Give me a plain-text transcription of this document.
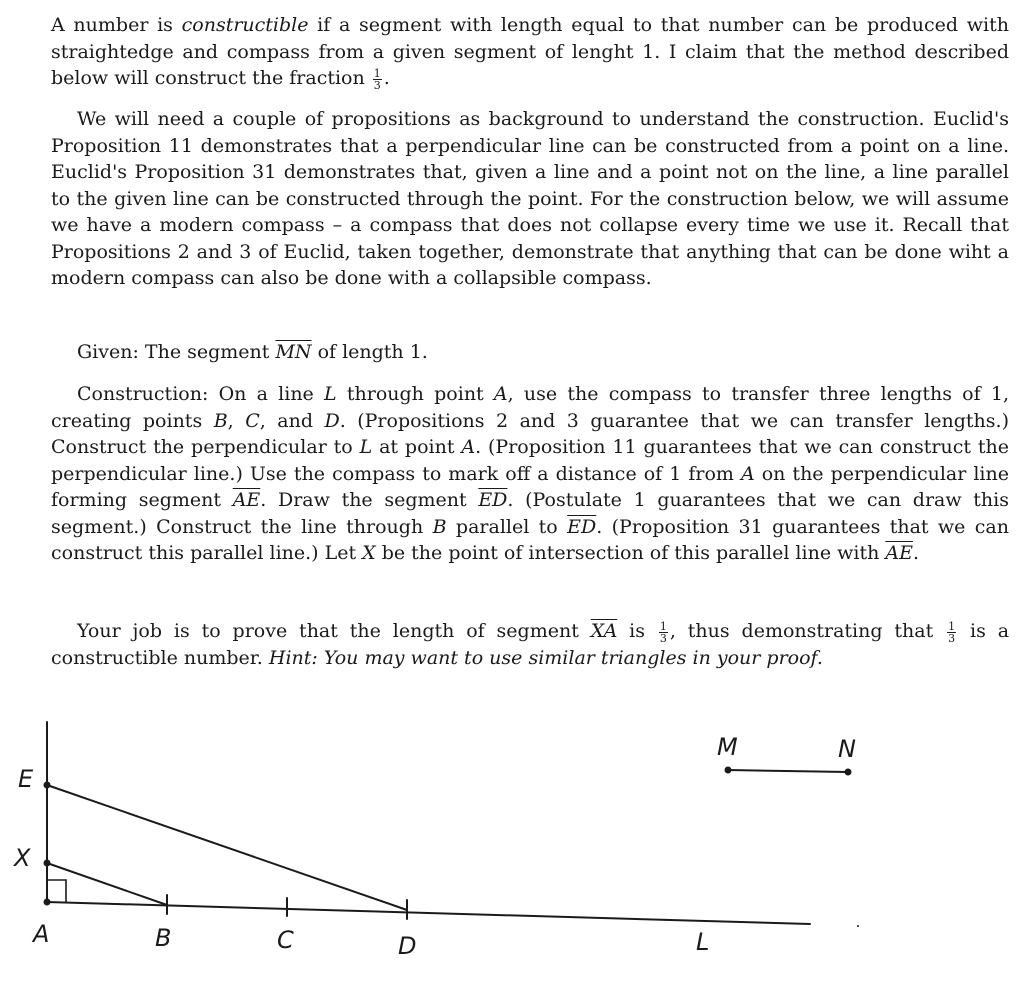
A number is constructible if a segment with length equal to that number can be produced with straightedge and compass from a given segment of lenght 1. I claim that the method described below will construct the fraction $\frac{1}{3}$ .

We will need a couple of propositions as background to understand the construction. Euclid's Proposition 11 demonstrates that a perpendicular line can be constructed from a point on a line. Euclid's Proposition 31 demonstrates that, given a line and a point not on the line, a line parallel to the given line can be constructed through the point. For the construction below, we will assume we have a modern compass – a compass that does not collapse every time we use it. Recall that Propositions 2 and 3 of Euclid, taken together, demonstrate that anything that can be done wiht a modern compass can also be done with a collapsible compass.

Given: The segment $\overline{MN}$ of length 1.

Construction: On a line L through point A, use the compass to transfer three lengths of 1, creating points B, C, and D. (Propositions 2 and 3 guarantee that we can transfer lengths.) Construct the perpendicular to L at point A. (Proposition 11 guarantees that we can construct the perpendicular line.) Use the compass to mark off a distance of 1 from A on the perpendicular line forming segment $\overline{AE}$. Draw the segment $\overline{ED}$. (Postulate 1 guarantees that we can draw this segment.) Construct the line through B parallel to $\overline{ED}$. (Proposition 31 guarantees that we can construct this parallel line.) Let X be the point of intersection of this parallel line with $\overline{AE}$.

Your job is to prove that the length of segment $\overline{XA}$ is $\frac{1}{3}$ , thus demonstrating that $\frac{1}{3}$ is a constructible number. Hint: You may want to use similar triangles in your proof.

E
X
A	B	C	D	L
M	N
